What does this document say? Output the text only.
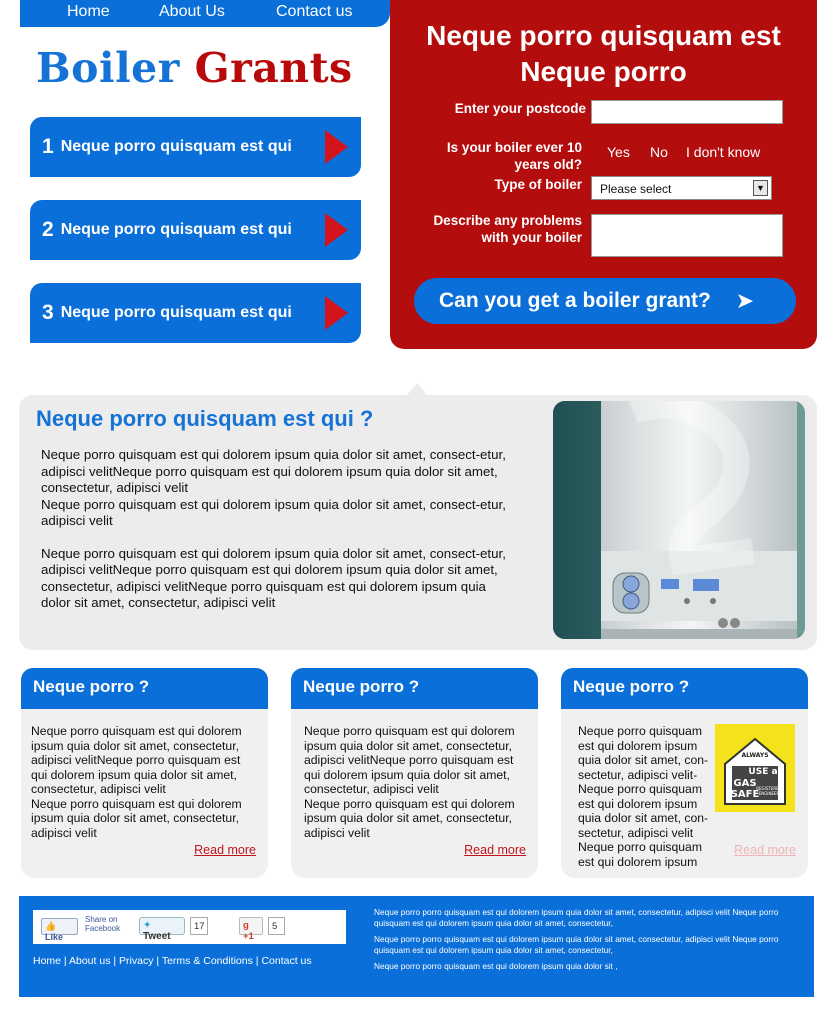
Home	About Us	Contact us
Boiler Grants
1 Neque porro quisquam est qui
2 Neque porro quisquam est qui
3 Neque porro quisquam est qui
Neque porro quisquam est
Neque porro
Enter your postcode
Is your boiler ever 10
years old?
Yes No I don't know
Type of boiler	Please select	▼
Describe any problems
with your boiler
Can you get a boiler grant? ➤
Neque porro quisquam est qui ?
Neque porro quisquam est qui dolorem ipsum quia dolor sit amet, consect-etur, adipisci velitNeque porro quisquam est qui dolorem ipsum quia dolor sit amet, consectetur, adipisci velit

Neque porro quisquam est qui dolorem ipsum quia dolor sit amet, consect-etur, adipisci velit

Neque porro quisquam est qui dolorem ipsum quia dolor sit amet, consect-etur, adipisci velitNeque porro quisquam est qui dolorem ipsum quia dolor sit amet, consectetur, adipisci velitNeque porro quisquam est qui dolorem ipsum quia dolor sit amet, consectetur, adipisci velit

Neque porro ?

Neque porro quisquam est qui dolorem ipsum quia dolor sit amet, consectetur, adipisci velitNeque porro quisquam est qui dolorem ipsum quia dolor sit amet, consectetur, adipisci velit

Neque porro quisquam est qui dolorem ipsum quia dolor sit amet, consectetur, adipisci velit

Read more
Neque porro ?

Neque porro quisquam est qui dolorem ipsum quia dolor sit amet, consectetur, adipisci velitNeque porro quisquam est qui dolorem ipsum quia dolor sit amet, consectetur, adipisci velit

Neque porro quisquam est qui dolorem ipsum quia dolor sit amet, consectetur, adipisci velit

Read more
Neque porro ?

Neque porro quisquam est qui dolorem ipsum quia dolor sit amet, con-sectetur, adipisci velit- Neque porro quisquam est qui dolorem ipsum quia dolor sit amet, con-sectetur, adipisci velit Neque porro quisquam est qui dolorem ipsum

ALWAYS
USE a
GAS
SAFE
REGISTERED
ENGINEER
Read more
👍 Like
Share on
Facebook	✦ Tweet
17	g +1
5
Home | About us | Privacy | Terms & Conditions | Contact us

Neque porro porro quisquam est qui dolorem ipsum quia dolor sit amet, consectetur, adipisci velit Neque porro quisquam est qui dolorem ipsum quia dolor sit amet, consectetur,

Neque porro porro quisquam est qui dolorem ipsum quia dolor sit amet, consectetur, adipisci velit Neque porro quisquam est qui dolorem ipsum quia dolor sit amet, consectetur,

Neque porro porro quisquam est qui dolorem ipsum quia dolor sit ,
